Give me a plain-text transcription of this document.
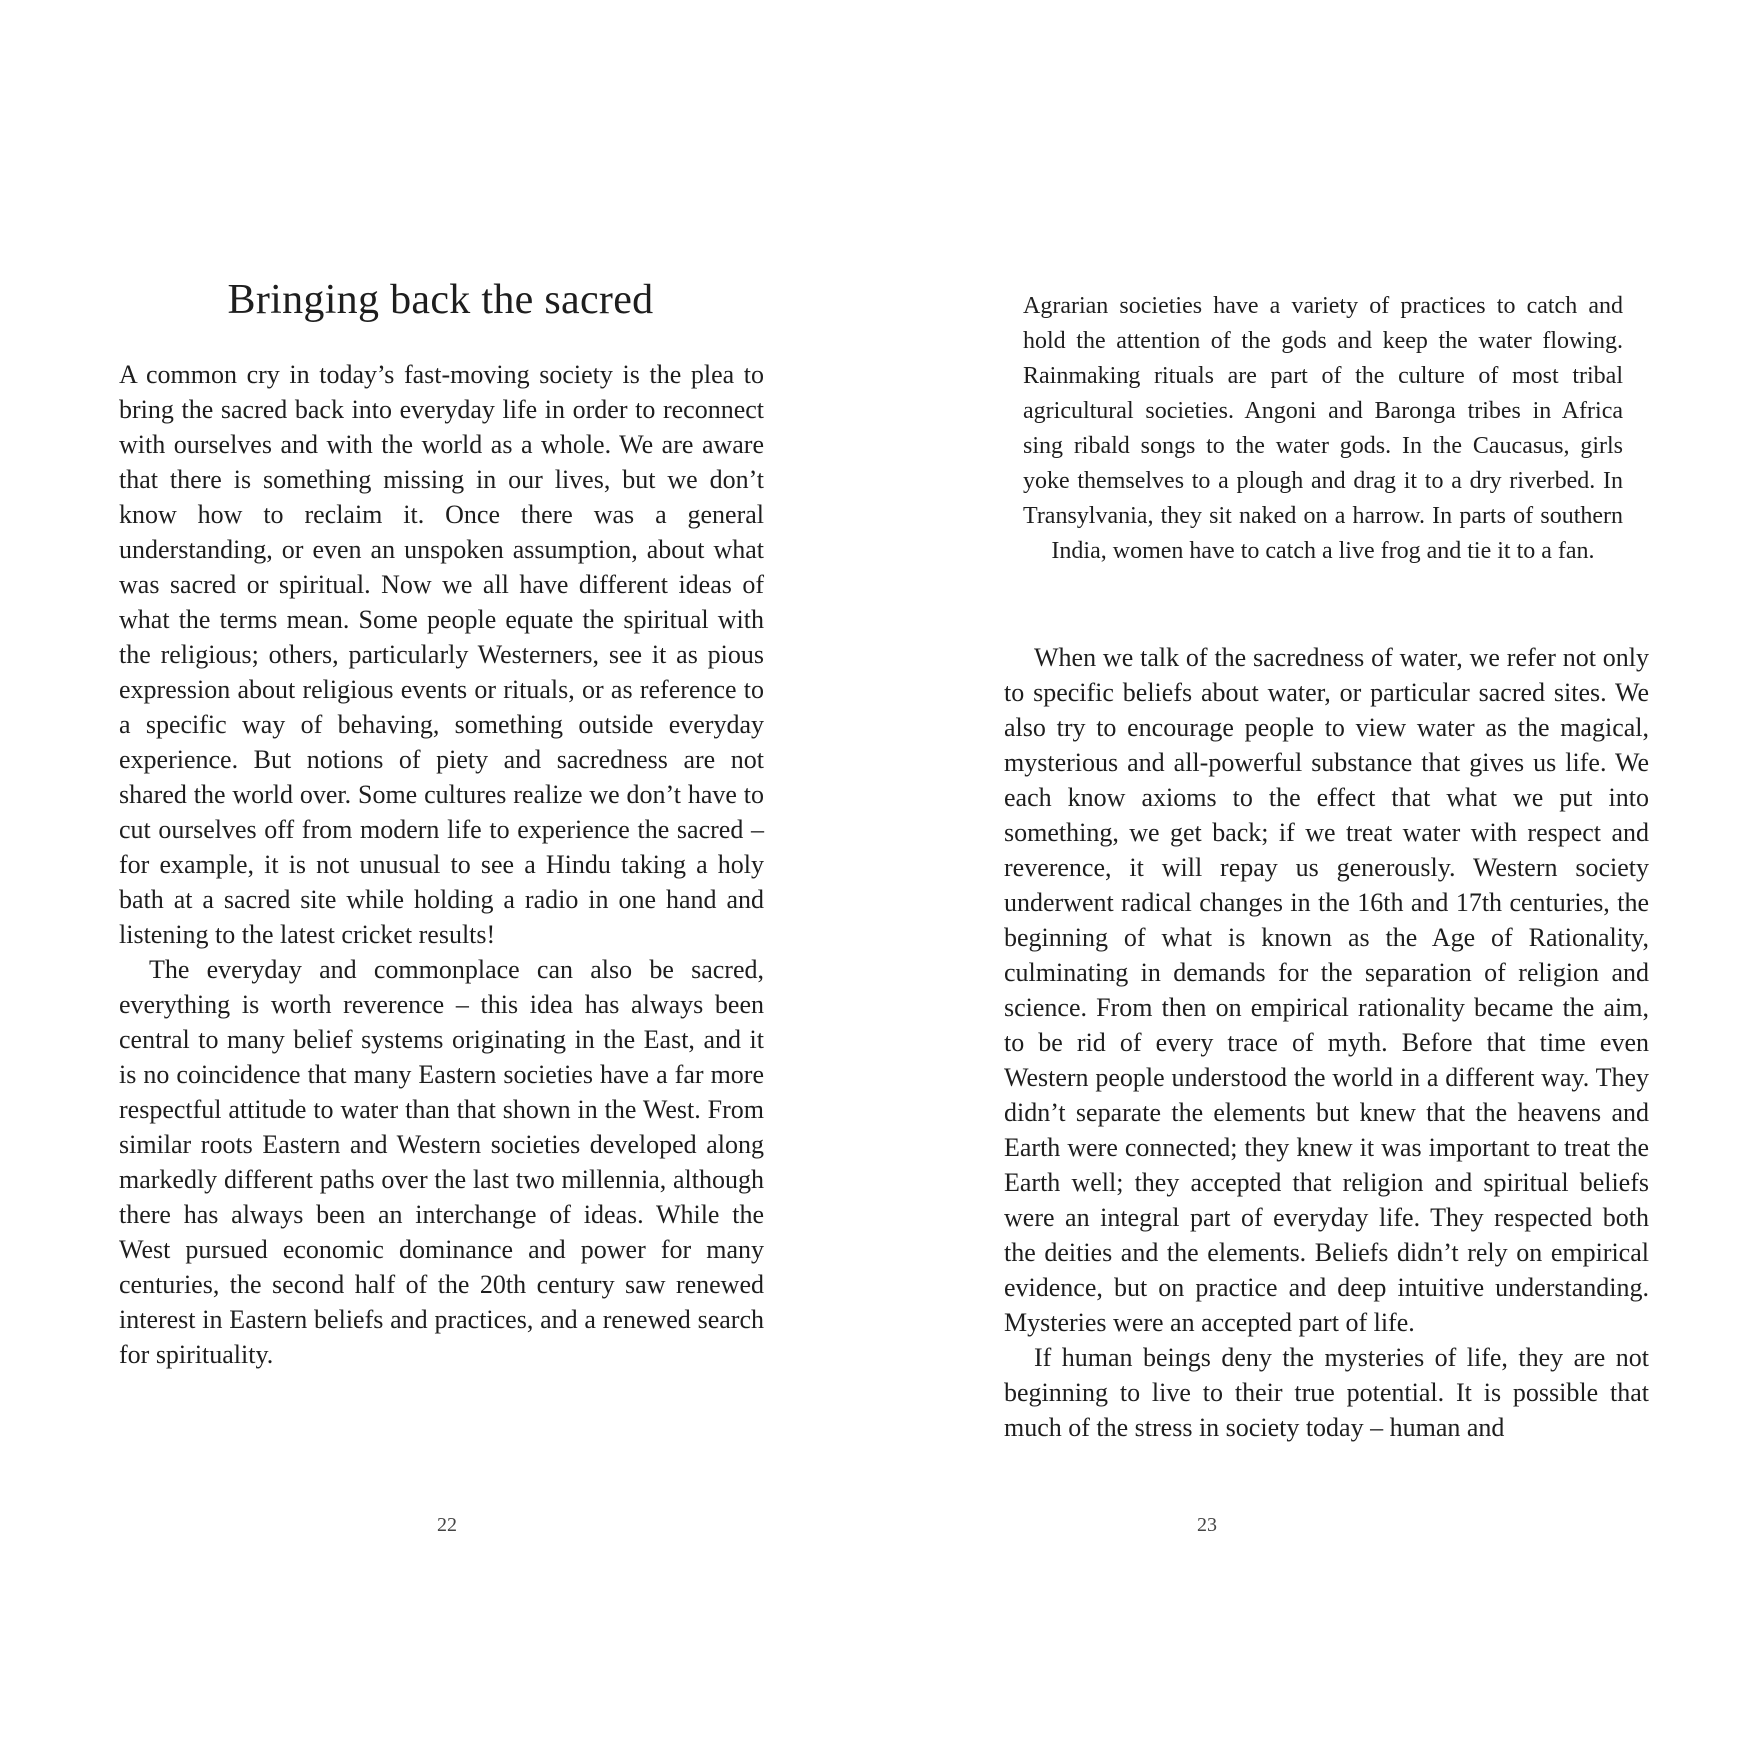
Bringing back the sacred

A common cry in today’s fast-moving society is the plea to bring the sacred back into everyday life in order to reconnect with ourselves and with the world as a whole. We are aware that there is something missing in our lives, but we don’t know how to reclaim it. Once there was a general understanding, or even an unspoken assumption, about what was sacred or spiritual. Now we all have different ideas of what the terms mean. Some people equate the spiritual with the religious; others, particularly Westerners, see it as pious expression about religious events or rituals, or as reference to a specific way of behaving, something outside everyday experience. But notions of piety and sacredness are not shared the world over. Some cultures realize we don’t have to cut ourselves off from modern life to experience the sacred – for example, it is not unusual to see a Hindu taking a holy bath at a sacred site while holding a radio in one hand and listening to the latest cricket results!

The everyday and commonplace can also be sacred, everything is worth reverence – this idea has always been central to many belief systems originating in the East, and it is no coincidence that many Eastern societies have a far more respectful attitude to water than that shown in the West. From similar roots Eastern and Western societies developed along markedly different paths over the last two millennia, although there has always been an interchange of ideas. While the West pursued economic dominance and power for many centuries, the second half of the 20th century saw renewed interest in Eastern beliefs and practices, and a renewed search for spirituality.

22

Agrarian societies have a variety of practices to catch and hold the attention of the gods and keep the water flowing. Rainmaking rituals are part of the culture of most tribal agricultural societies. Angoni and Baronga tribes in Africa sing ribald songs to the water gods. In the Caucasus, girls yoke themselves to a plough and drag it to a dry riverbed. In Transylvania, they sit naked on a harrow. In parts of southern India, women have to catch a live frog and tie it to a fan.

When we talk of the sacredness of water, we refer not only to specific beliefs about water, or particular sacred sites. We also try to encourage people to view water as the magical, mysterious and all-powerful substance that gives us life. We each know axioms to the effect that what we put into something, we get back; if we treat water with respect and reverence, it will repay us generously. Western society underwent radical changes in the 16th and 17th centuries, the beginning of what is known as the Age of Rationality, culminating in demands for the separation of religion and science. From then on empirical rationality became the aim, to be rid of every trace of myth. Before that time even Western people understood the world in a different way. They didn’t separate the elements but knew that the heavens and Earth were connected; they knew it was important to treat the Earth well; they accepted that religion and spiritual beliefs were an integral part of everyday life. They respected both the deities and the elements. Beliefs didn’t rely on empirical evidence, but on practice and deep intuitive understanding. Mysteries were an accepted part of life.

If human beings deny the mysteries of life, they are not beginning to live to their true potential. It is possible that much of the stress in society today – human and

23
